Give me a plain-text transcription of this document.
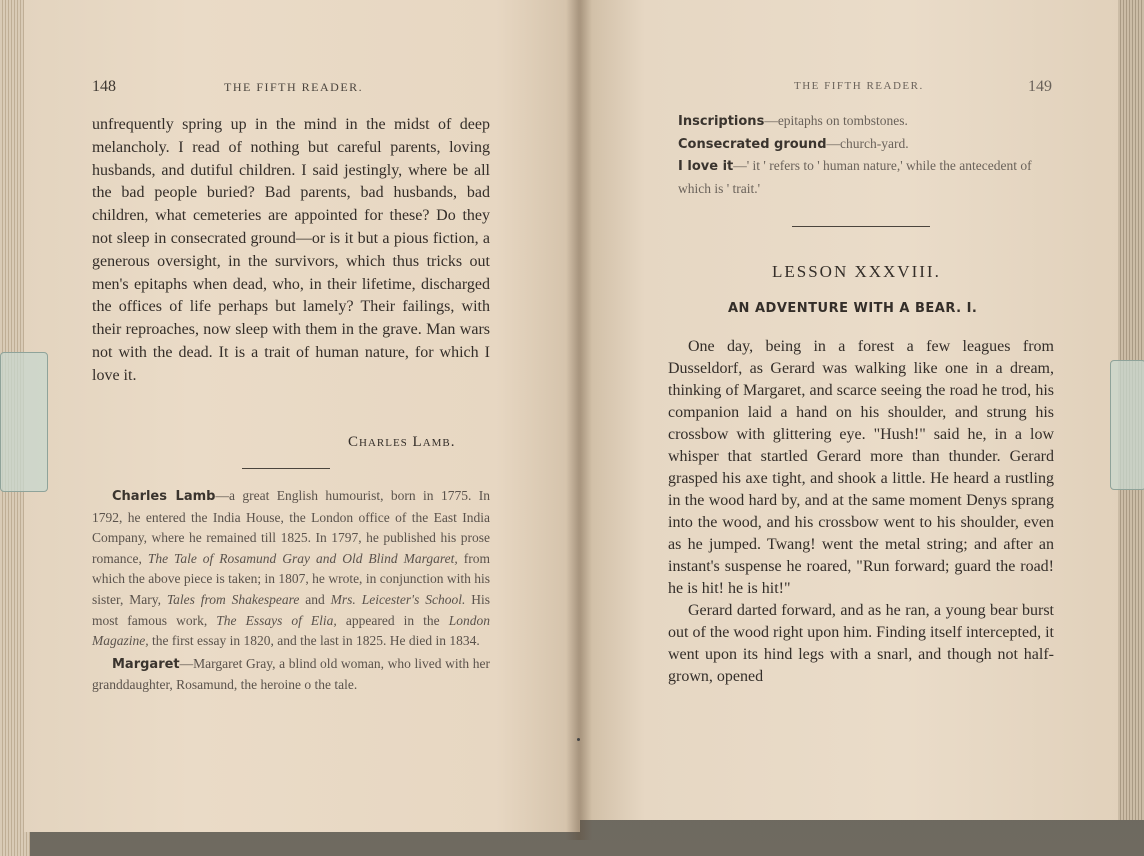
148	THE FIFTH READER.

unfrequently spring up in the mind in the midst of deep melancholy. I read of nothing but careful parents, loving husbands, and dutiful children. I said jestingly, where be all the bad people buried? Bad parents, bad husbands, bad children, what cemeteries are appointed for these? Do they not sleep in consecrated ground—or is it but a pious fiction, a generous oversight, in the survivors, which thus tricks out men's epitaphs when dead, who, in their lifetime, discharged the offices of life perhaps but lamely? Their failings, with their reproaches, now sleep with them in the grave. Man wars not with the dead. It is a trait of human nature, for which I love it.

Charles Lamb.

Charles Lamb—a great English humourist, born in 1775. In 1792, he entered the India House, the London office of the East India Company, where he remained till 1825. In 1797, he published his prose romance, The Tale of Rosamund Gray and Old Blind Margaret, from which the above piece is taken; in 1807, he wrote, in conjunction with his sister, Mary, Tales from Shakespeare and Mrs. Leicester's School. His most famous work, The Essays of Elia, appeared in the London Magazine, the first essay in 1820, and the last in 1825. He died in 1834.

Margaret—Margaret Gray, a blind old woman, who lived with her granddaughter, Rosamund, the heroine o the tale.

THE FIFTH READER.	149

Inscriptions—epitaphs on tombstones.

Consecrated ground—church-yard.

I love it—' it ' refers to ' human nature,' while the antecedent of which is ' trait.'

LESSON XXXVIII.
AN ADVENTURE WITH A BEAR. I.

One day, being in a forest a few leagues from Dusseldorf, as Gerard was walking like one in a dream, thinking of Margaret, and scarce seeing the road he trod, his companion laid a hand on his shoulder, and strung his crossbow with glittering eye. "Hush!" said he, in a low whisper that startled Gerard more than thunder. Gerard grasped his axe tight, and shook a little. He heard a rustling in the wood hard by, and at the same moment Denys sprang into the wood, and his crossbow went to his shoulder, even as he jumped. Twang! went the metal string; and after an instant's suspense he roared, "Run forward; guard the road! he is hit! he is hit!"

Gerard darted forward, and as he ran, a young bear burst out of the wood right upon him. Finding itself intercepted, it went upon its hind legs with a snarl, and though not half-grown, opened
